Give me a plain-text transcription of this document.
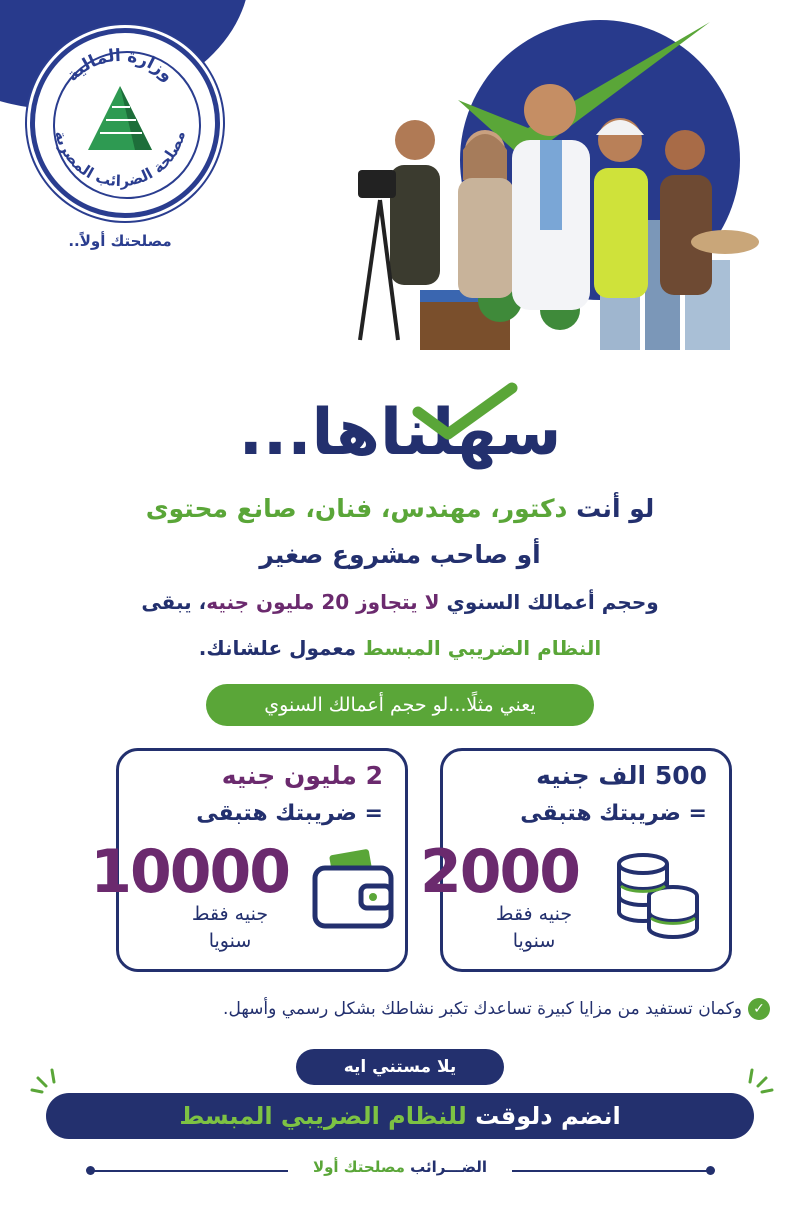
وزارة المالية
مصلحة الضرائب المصرية
مصلحتك أولاً..
سهلناها...
لو أنت دكتور، مهندس، فنان، صانع محتوى
أو صاحب مشروع صغير
وحجم أعمالك السنوي لا يتجاوز 20 مليون جنيه، يبقى
النظام الضريبي المبسط معمول علشانك.
يعني مثلًا...لو حجم أعمالك السنوي
500 الف جنيه
= ضريبتك هتبقى
2000
جنيه فقط
سنويا
2 مليون جنيه
= ضريبتك هتبقى
10000
جنيه فقط
سنويا
✓وكمان تستفيد من مزايا كبيرة تساعدك تكبر نشاطك بشكل رسمي وأسهل.
يلا مستني ايه
انضم دلوقت للنظام الضريبي المبسط
الضـــرائب مصلحتك أولا
